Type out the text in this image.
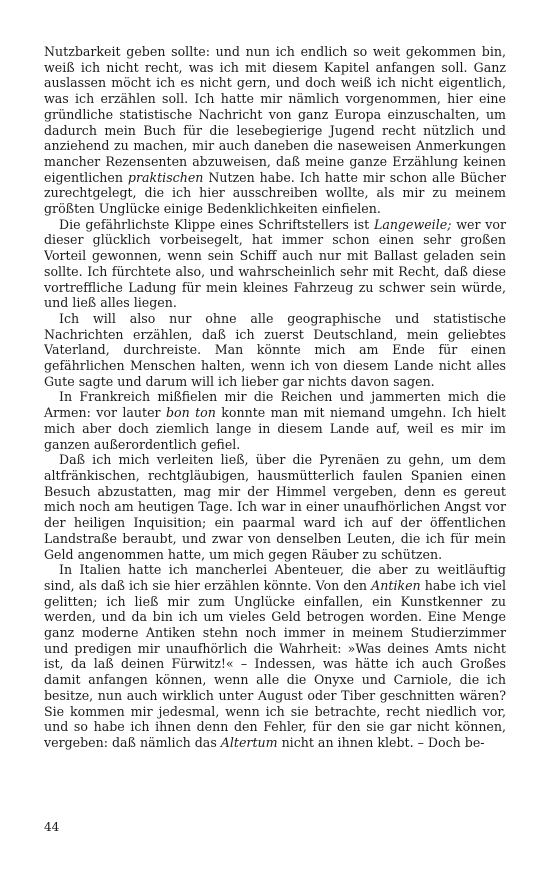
Nutzbarkeit geben sollte: und nun ich endlich so weit gekommen bin, weiß ich nicht recht, was ich mit diesem Kapitel anfangen soll. Ganz auslassen möcht ich es nicht gern, und doch weiß ich nicht eigentlich, was ich erzählen soll. Ich hatte mir nämlich vorgenommen, hier eine gründliche statistische Nachricht von ganz Europa einzuschalten, um dadurch mein Buch für die lesebegierige Jugend recht nützlich und anziehend zu machen, mir auch daneben die naseweisen Anmerkungen mancher Rezensenten abzuweisen, daß meine ganze Erzählung keinen eigentlichen praktischen Nutzen habe. Ich hatte mir schon alle Bücher zurechtgelegt, die ich hier ausschreiben wollte, als mir zu meinem größten Unglücke einige Bedenklichkeiten einfielen.

Die gefährlichste Klippe eines Schriftstellers ist Langeweile; wer vor dieser glücklich vorbeisegelt, hat immer schon einen sehr großen Vorteil gewonnen, wenn sein Schiff auch nur mit Ballast geladen sein sollte. Ich fürchtete also, und wahrscheinlich sehr mit Recht, daß diese vortreffliche Ladung für mein kleines Fahrzeug zu schwer sein würde, und ließ alles liegen.

Ich will also nur ohne alle geographische und statistische Nachrichten erzählen, daß ich zuerst Deutschland, mein geliebtes Vaterland, durchreiste. Man könnte mich am Ende für einen gefährlichen Menschen halten, wenn ich von diesem Lande nicht alles Gute sagte und darum will ich lieber gar nichts davon sagen.

In Frankreich mißfielen mir die Reichen und jammerten mich die Armen: vor lauter bon ton konnte man mit niemand umgehn. Ich hielt mich aber doch ziemlich lange in diesem Lande auf, weil es mir im ganzen außerordentlich gefiel.

Daß ich mich verleiten ließ, über die Pyrenäen zu gehn, um dem altfränkischen, rechtgläubigen, hausmütterlich faulen Spanien einen Besuch abzustatten, mag mir der Himmel vergeben, denn es gereut mich noch am heutigen Tage. Ich war in einer unaufhörlichen Angst vor der heiligen Inquisition; ein paarmal ward ich auf der öffentlichen Landstraße beraubt, und zwar von denselben Leuten, die ich für mein Geld angenommen hatte, um mich gegen Räuber zu schützen.

In Italien hatte ich mancherlei Abenteuer, die aber zu weitläuftig sind, als daß ich sie hier erzählen könnte. Von den Antiken habe ich viel gelitten; ich ließ mir zum Unglücke einfallen, ein Kunstkenner zu werden, und da bin ich um vieles Geld betrogen worden. Eine Menge ganz moderne Antiken stehn noch immer in meinem Studierzimmer und predigen mir unaufhörlich die Wahrheit: »Was deines Amts nicht ist, da laß deinen Fürwitz!« – Indessen, was hätte ich auch Großes damit anfangen können, wenn alle die Onyxe und Carniole, die ich besitze, nun auch wirklich unter August oder Tiber geschnitten wären? Sie kommen mir jedesmal, wenn ich sie betrachte, recht niedlich vor, und so habe ich ihnen denn den Fehler, für den sie gar nicht können, vergeben: daß nämlich das Altertum nicht an ihnen klebt. – Doch be-

44
